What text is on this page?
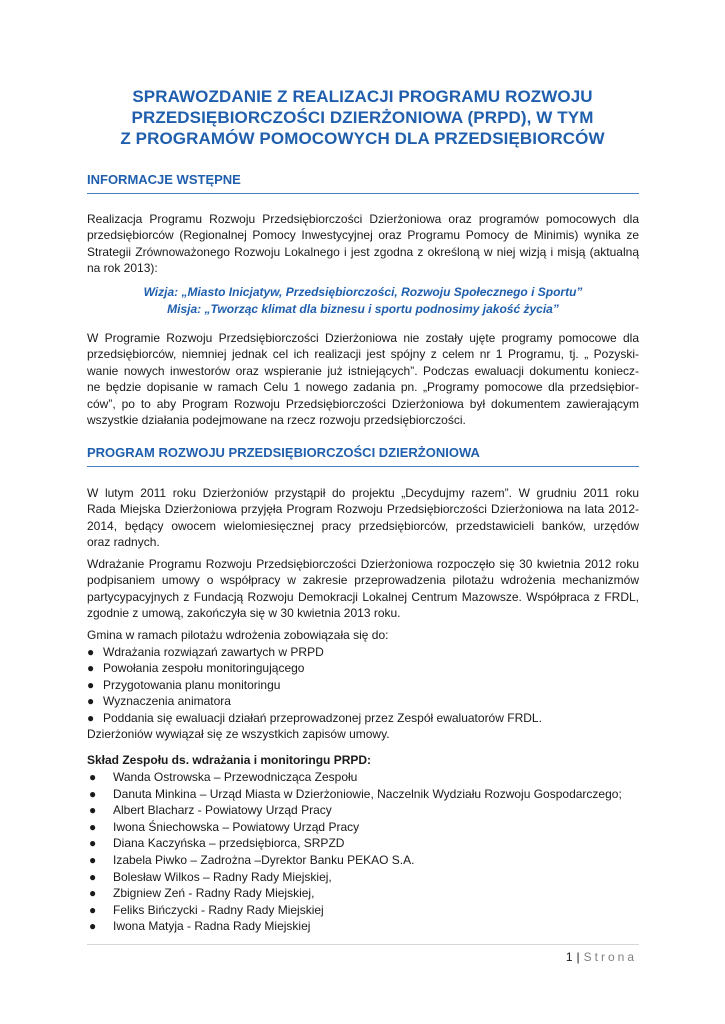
SPRAWOZDANIE Z REALIZACJI PROGRAMU ROZWOJU
PRZEDSIĘBIORCZOŚCI DZIERŻONIOWA (PRPD), W TYM
Z PROGRAMÓW POMOCOWYCH DLA PRZEDSIĘBIORCÓW
INFORMACJE WSTĘPNE
Realizacja Programu Rozwoju Przedsiębiorczości Dzierżoniowa oraz programów pomocowych dla
przedsiębiorców (Regionalnej Pomocy Inwestycyjnej oraz Programu Pomocy de Minimis) wynika ze
Strategii Zrównoważonego Rozwoju Lokalnego i jest zgodna z określoną w niej wizją i misją (aktualną
na rok 2013):
Wizja: „Miasto Inicjatyw, Przedsiębiorczości, Rozwoju Społecznego i Sportu”
Misja: „Tworząc klimat dla biznesu i sportu podnosimy jakość życia”
W Programie Rozwoju Przedsiębiorczości Dzierżoniowa nie zostały ujęte programy pomocowe dla
przedsiębiorców, niemniej jednak cel ich realizacji jest spójny z celem nr 1 Programu, tj. „ Pozyski-
wanie nowych inwestorów oraz wspieranie już istniejących”. Podczas ewaluacji dokumentu koniecz-
ne będzie dopisanie w ramach Celu 1 nowego zadania pn. „Programy pomocowe dla przedsiębior-
ców”, po to aby Program Rozwoju Przedsiębiorczości Dzierżoniowa był dokumentem zawierającym
wszystkie działania podejmowane na rzecz rozwoju przedsiębiorczości.
PROGRAM ROZWOJU PRZEDSIĘBIORCZOŚCI DZIERŻONIOWA
W lutym 2011 roku Dzierżoniów przystąpił do projektu „Decydujmy razem”. W grudniu 2011 roku
Rada Miejska Dzierżoniowa przyjęła Program Rozwoju Przedsiębiorczości Dzierżoniowa na lata 2012-
2014, będący owocem wielomiesięcznej pracy przedsiębiorców, przedstawicieli banków, urzędów
oraz radnych.
Wdrażanie Programu Rozwoju Przedsiębiorczości Dzierżoniowa rozpoczęło się 30 kwietnia 2012 roku
podpisaniem umowy o współpracy w zakresie przeprowadzenia pilotażu wdrożenia mechanizmów
partycypacyjnych z Fundacją Rozwoju Demokracji Lokalnej Centrum Mazowsze. Współpraca z FRDL,
zgodnie z umową, zakończyła się w 30 kwietnia 2013 roku.
Gmina w ramach pilotażu wdrożenia zobowiązała się do:
● Wdrażania rozwiązań zawartych w PRPD
● Powołania zespołu monitoringującego
● Przygotowania planu monitoringu
● Wyznaczenia animatora
● Poddania się ewaluacji działań przeprowadzonej przez Zespół ewaluatorów FRDL.
Dzierżoniów wywiązał się ze wszystkich zapisów umowy.
Skład Zespołu ds. wdrażania i monitoringu PRPD:
● Wanda Ostrowska – Przewodnicząca Zespołu
● Danuta Minkina – Urząd Miasta w Dzierżoniowie, Naczelnik Wydziału Rozwoju Gospodarczego;
● Albert Blacharz - Powiatowy Urząd Pracy
● Iwona Śniechowska – Powiatowy Urząd Pracy
● Diana Kaczyńska – przedsiębiorca, SRPZD
● Izabela Piwko – Zadrożna –Dyrektor Banku PEKAO S.A.
● Bolesław Wilkos – Radny Rady Miejskiej,
● Zbigniew Zeń - Radny Rady Miejskiej,
● Feliks Bińczycki - Radny Rady Miejskiej
● Iwona Matyja - Radna Rady Miejskiej
1 | Strona
